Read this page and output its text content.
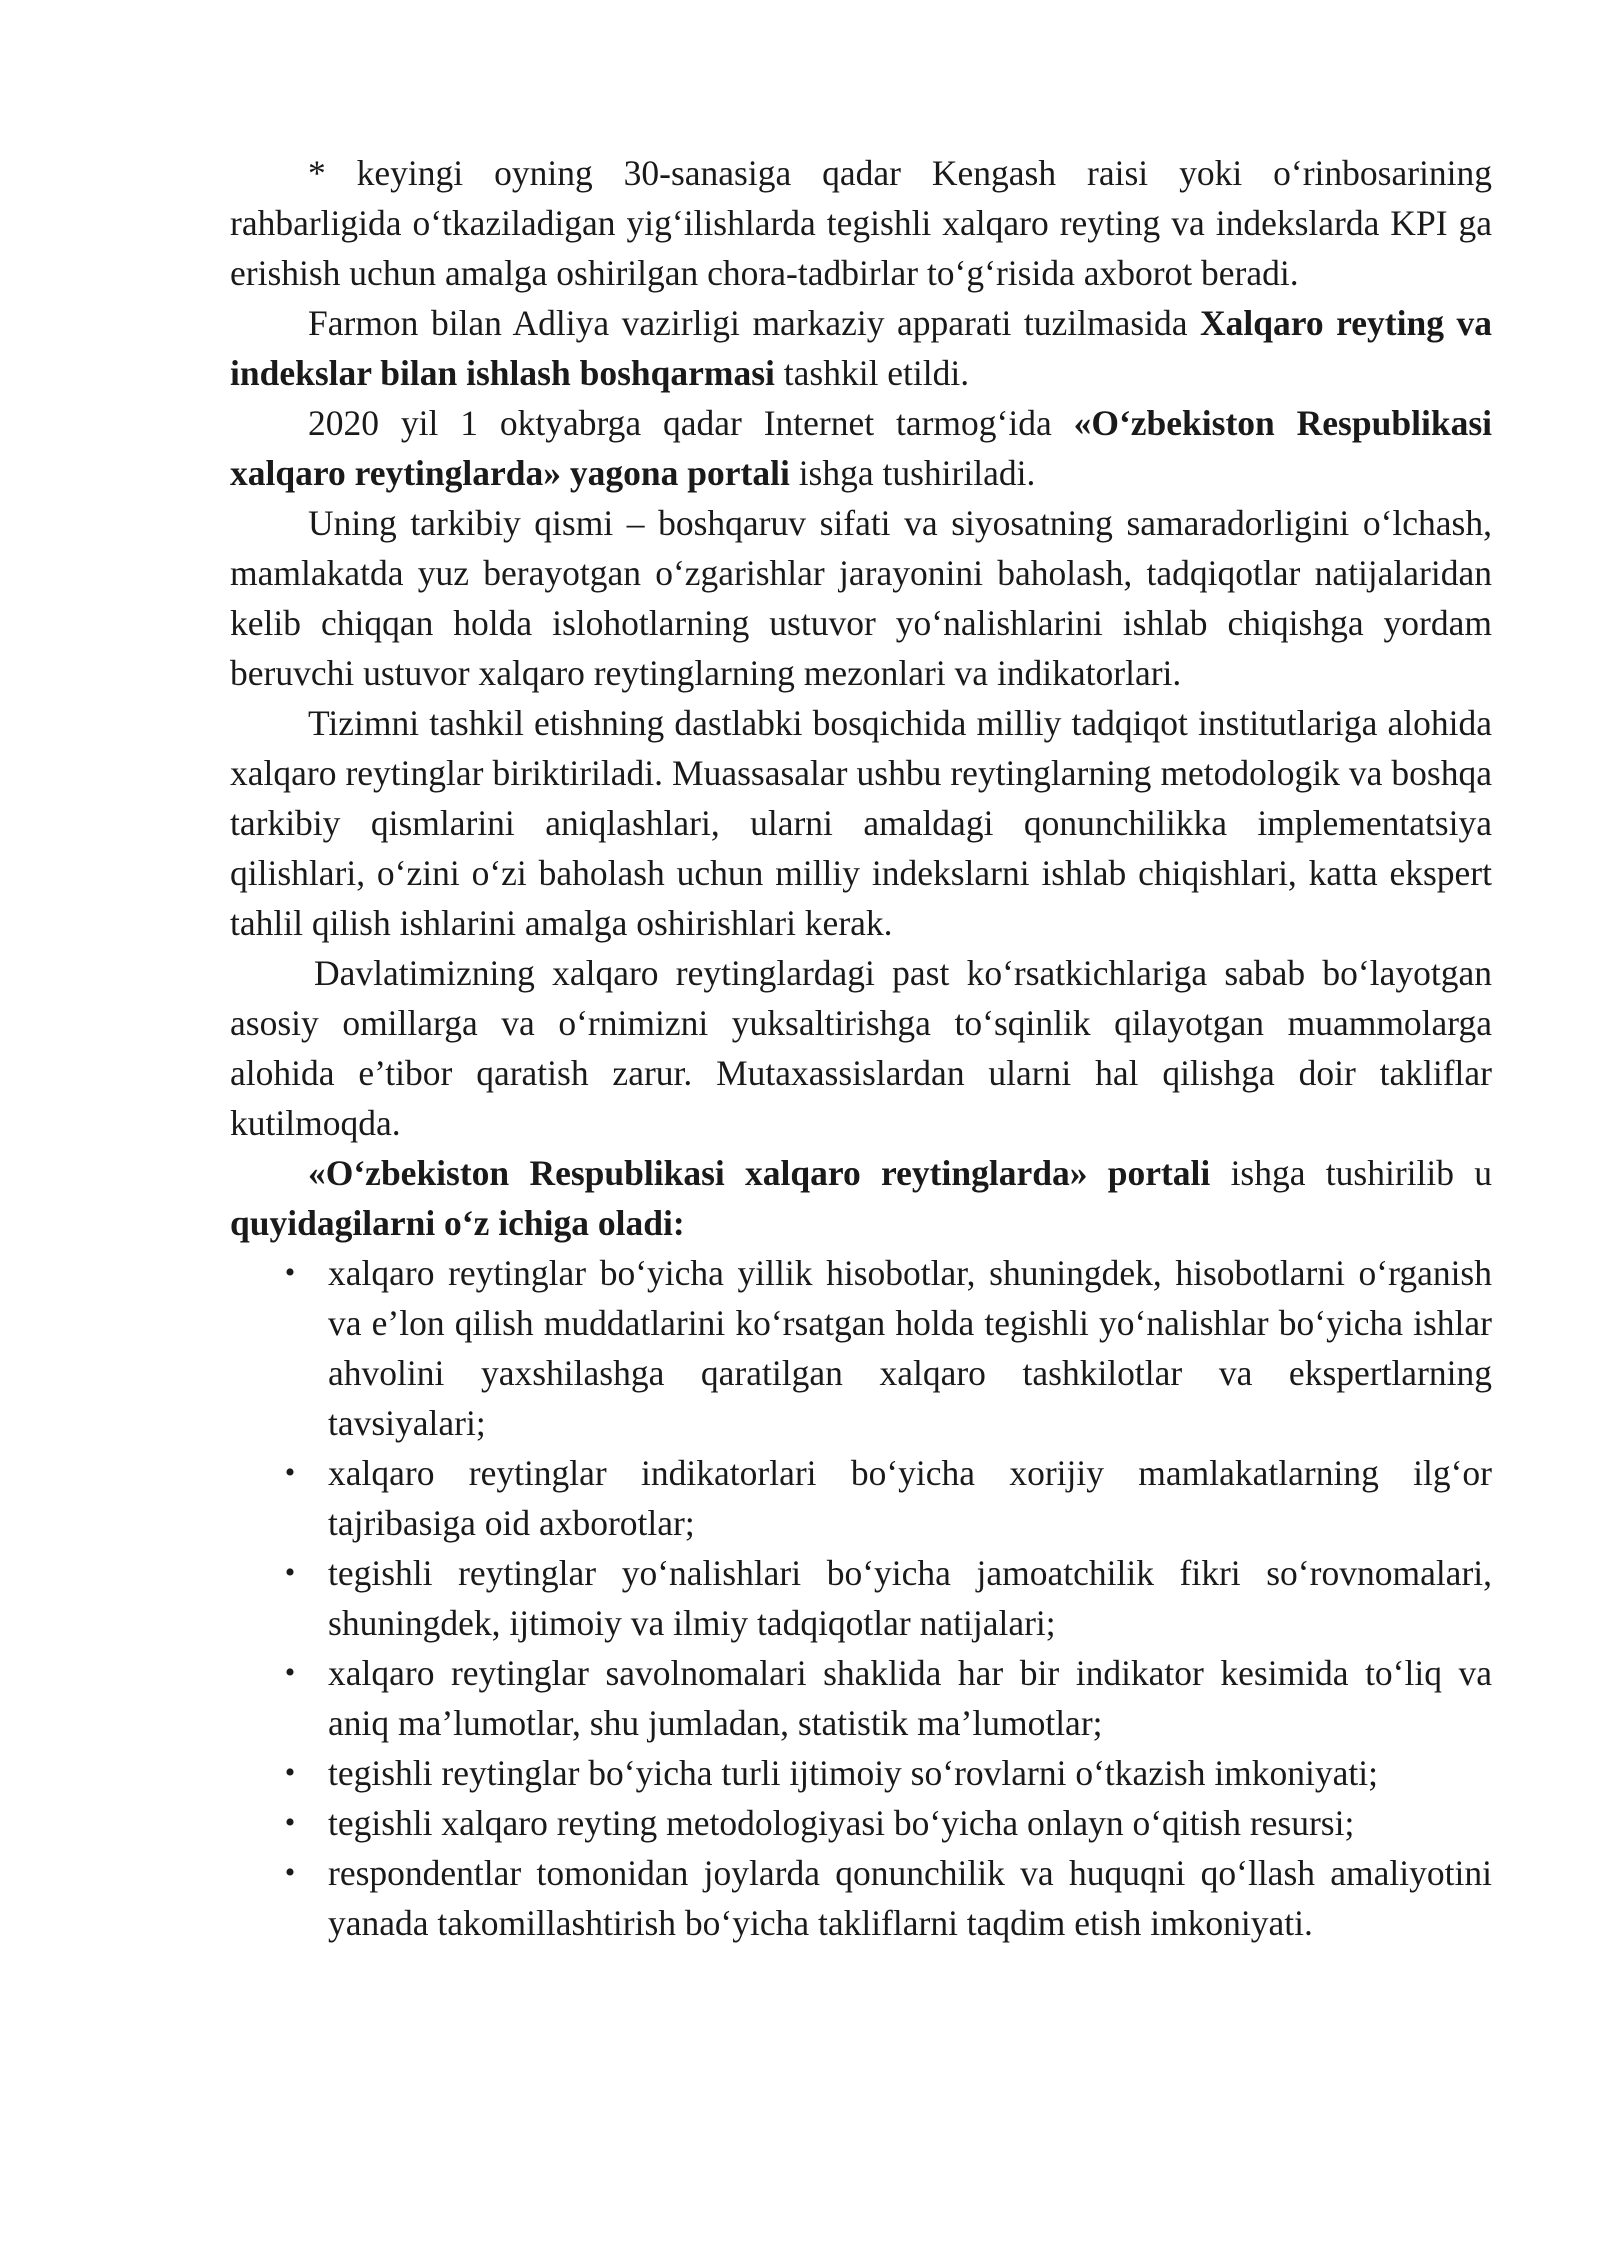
* keyingi oyning 30-sanasiga qadar Kengash raisi yoki o‘rinbosarining rahbarligida o‘tkaziladigan yig‘ilishlarda tegishli xalqaro reyting va indekslarda KPI ga erishish uchun amalga oshirilgan chora-tadbirlar to‘g‘risida axborot beradi.

Farmon bilan Adliya vazirligi markaziy apparati tuzilmasida Xalqaro reyting va indekslar bilan ishlash boshqarmasi tashkil etildi.

2020 yil 1 oktyabrga qadar Internet tarmog‘ida «O‘zbekiston Respublikasi xalqaro reytinglarda» yagona portali ishga tushiriladi.

Uning tarkibiy qismi – boshqaruv sifati va siyosatning samaradorligini o‘lchash, mamlakatda yuz berayotgan o‘zgarishlar jarayonini baholash, tadqiqotlar natijalaridan kelib chiqqan holda islohotlarning ustuvor yo‘nalishlarini ishlab chiqishga yordam beruvchi ustuvor xalqaro reytinglarning mezonlari va indikatorlari.

Tizimni tashkil etishning dastlabki bosqichida milliy tadqiqot institutlariga alohida xalqaro reytinglar biriktiriladi. Muassasalar ushbu reytinglarning metodologik va boshqa tarkibiy qismlarini aniqlashlari, ularni amaldagi qonunchilikka implementatsiya qilishlari, o‘zini o‘zi baholash uchun milliy indekslarni ishlab chiqishlari, katta ekspert tahlil qilish ishlarini amalga oshirishlari kerak.

Davlatimizning xalqaro reytinglardagi past ko‘rsatkichlariga sabab bo‘layotgan asosiy omillarga va o‘rnimizni yuksaltirishga to‘sqinlik qilayotgan muammolarga alohida e’tibor qaratish zarur. Mutaxassislardan ularni hal qilishga doir takliflar kutilmoqda.

«O‘zbekiston Respublikasi xalqaro reytinglarda» portali ishga tushirilib u quyidagilarni o‘z ichiga oladi:

• xalqaro reytinglar bo‘yicha yillik hisobotlar, shuningdek, hisobotlarni o‘rganish va e’lon qilish muddatlarini ko‘rsatgan holda tegishli yo‘nalishlar bo‘yicha ishlar ahvolini yaxshilashga qaratilgan xalqaro tashkilotlar va ekspertlarning tavsiyalari;
• xalqaro reytinglar indikatorlari bo‘yicha xorijiy mamlakatlarning ilg‘or tajribasiga oid axborotlar;
• tegishli reytinglar yo‘nalishlari bo‘yicha jamoatchilik fikri so‘rovnomalari, shuningdek, ijtimoiy va ilmiy tadqiqotlar natijalari;
• xalqaro reytinglar savolnomalari shaklida har bir indikator kesimida to‘liq va aniq ma’lumotlar, shu jumladan, statistik ma’lumotlar;
• tegishli reytinglar bo‘yicha turli ijtimoiy so‘rovlarni o‘tkazish imkoniyati;
• tegishli xalqaro reyting metodologiyasi bo‘yicha onlayn o‘qitish resursi;
• respondentlar tomonidan joylarda qonunchilik va huquqni qo‘llash amaliyotini yanada takomillashtirish bo‘yicha takliflarni taqdim etish imkoniyati.
